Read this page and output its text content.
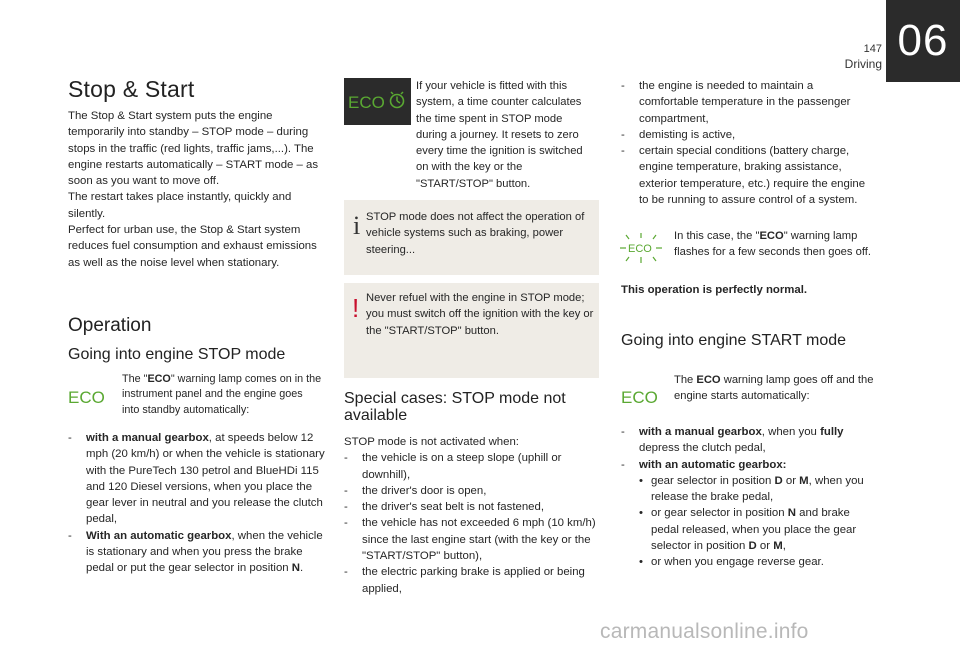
06
147
Driving
Stop & Start

The Stop & Start system puts the engine temporarily into standby – STOP mode – during stops in the traffic (red lights, traffic jams,...). The engine restarts automatically – START mode – as soon as you want to move off.

The restart takes place instantly, quickly and silently.

Perfect for urban use, the Stop & Start system reduces fuel consumption and exhaust emissions as well as the noise level when stationary.

Operation
Going into engine STOP mode
ECO
The "ECO" warning lamp comes on in the instrument panel and the engine goes into standby automatically:
- with a manual gearbox, at speeds below 12 mph (20 km/h) or when the vehicle is stationary with the PureTech 130 petrol and BlueHDi 115 and 120 Diesel versions, when you place the gear lever in neutral and you release the clutch pedal,
- With an automatic gearbox, when the vehicle is stationary and when you press the brake pedal or put the gear selector in position N.
ECO
If your vehicle is fitted with this system, a time counter calculates the time spent in STOP mode during a journey. It resets to zero every time the ignition is switched on with the key or the "START/STOP" button.
i STOP mode does not affect the operation of vehicle systems such as braking, power steering...
! Never refuel with the engine in STOP mode; you must switch off the ignition with the key or the "START/STOP" button.
Special cases: STOP mode not available

STOP mode is not activated when:

- the vehicle is on a steep slope (uphill or downhill),
- the driver's door is open,
- the driver's seat belt is not fastened,
- the vehicle has not exceeded 6 mph (10 km/h) since the last engine start (with the key or the "START/STOP" button),
- the electric parking brake is applied or being applied,
- the engine is needed to maintain a comfortable temperature in the passenger compartment,
- demisting is active,
- certain special conditions (battery charge, engine temperature, braking assistance, exterior temperature, etc.) require the engine to be running to assure control of a system.
ECO
In this case, the "ECO" warning lamp flashes for a few seconds then goes off.
This operation is perfectly normal.
Going into engine START mode
ECO
The ECO warning lamp goes off and the engine starts automatically:
- with a manual gearbox, when you fully depress the clutch pedal,
- with an automatic gearbox:
• gear selector in position D or M, when you release the brake pedal,
• or gear selector in position N and brake pedal released, when you place the gear selector in position D or M,
• or when you engage reverse gear.
carmanualsonline.info
